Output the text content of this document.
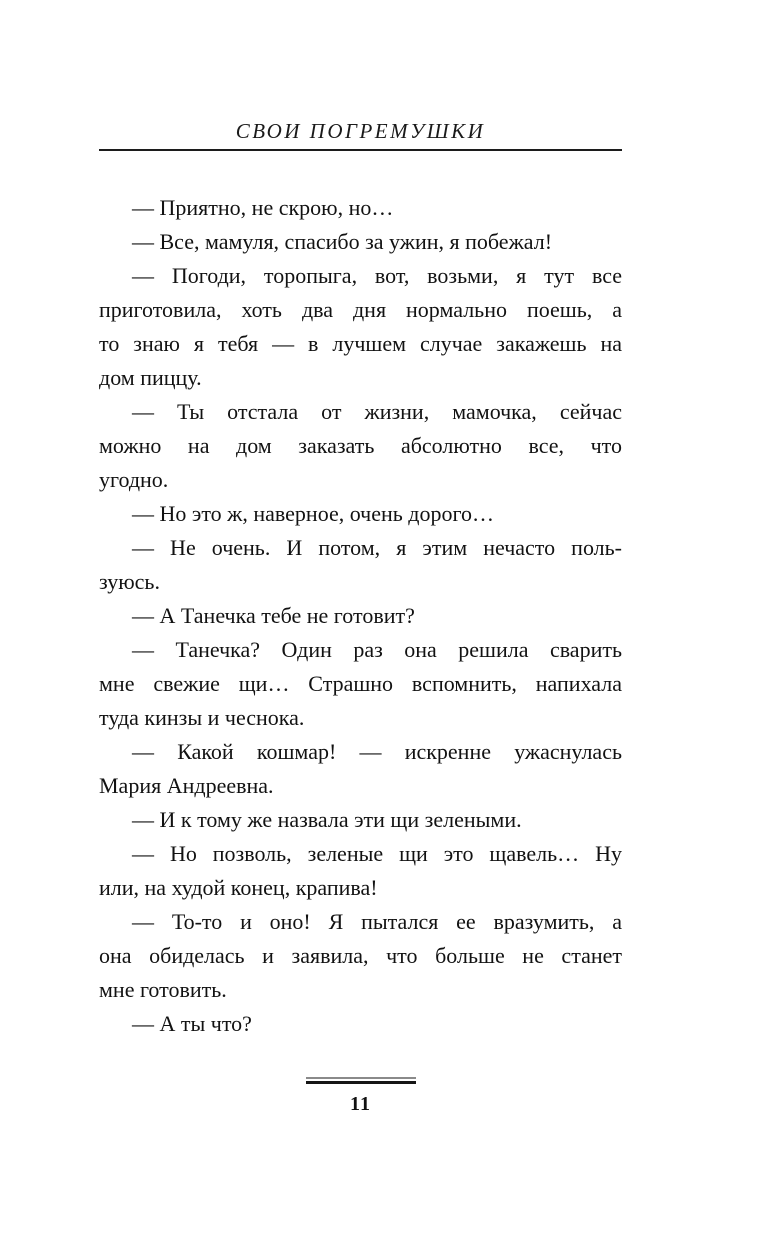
СВОИ ПОГРЕМУШКИ
— Приятно, не скрою, но…
— Все, мамуля, спасибо за ужин, я побежал!
— Погоди, торопыга, вот, возьми, я тут все
приготовила, хоть два дня нормально поешь, а
то знаю я тебя — в лучшем случае закажешь на
дом пиццу.
— Ты отстала от жизни, мамочка, сейчас
можно на дом заказать абсолютно все, что
угодно.
— Но это ж, наверное, очень дорого…
— Не очень. И потом, я этим нечасто поль-
зуюсь.
— А Танечка тебе не готовит?
— Танечка? Один раз она решила сварить
мне свежие щи… Страшно вспомнить, напихала
туда кинзы и чеснока.
— Какой кошмар! — искренне ужаснулась
Мария Андреевна.
— И к тому же назвала эти щи зелеными.
— Но позволь, зеленые щи это щавель… Ну
или, на худой конец, крапива!
— То-то и оно! Я пытался ее вразумить, а
она обиделась и заявила, что больше не станет
мне готовить.
— А ты что?
11
